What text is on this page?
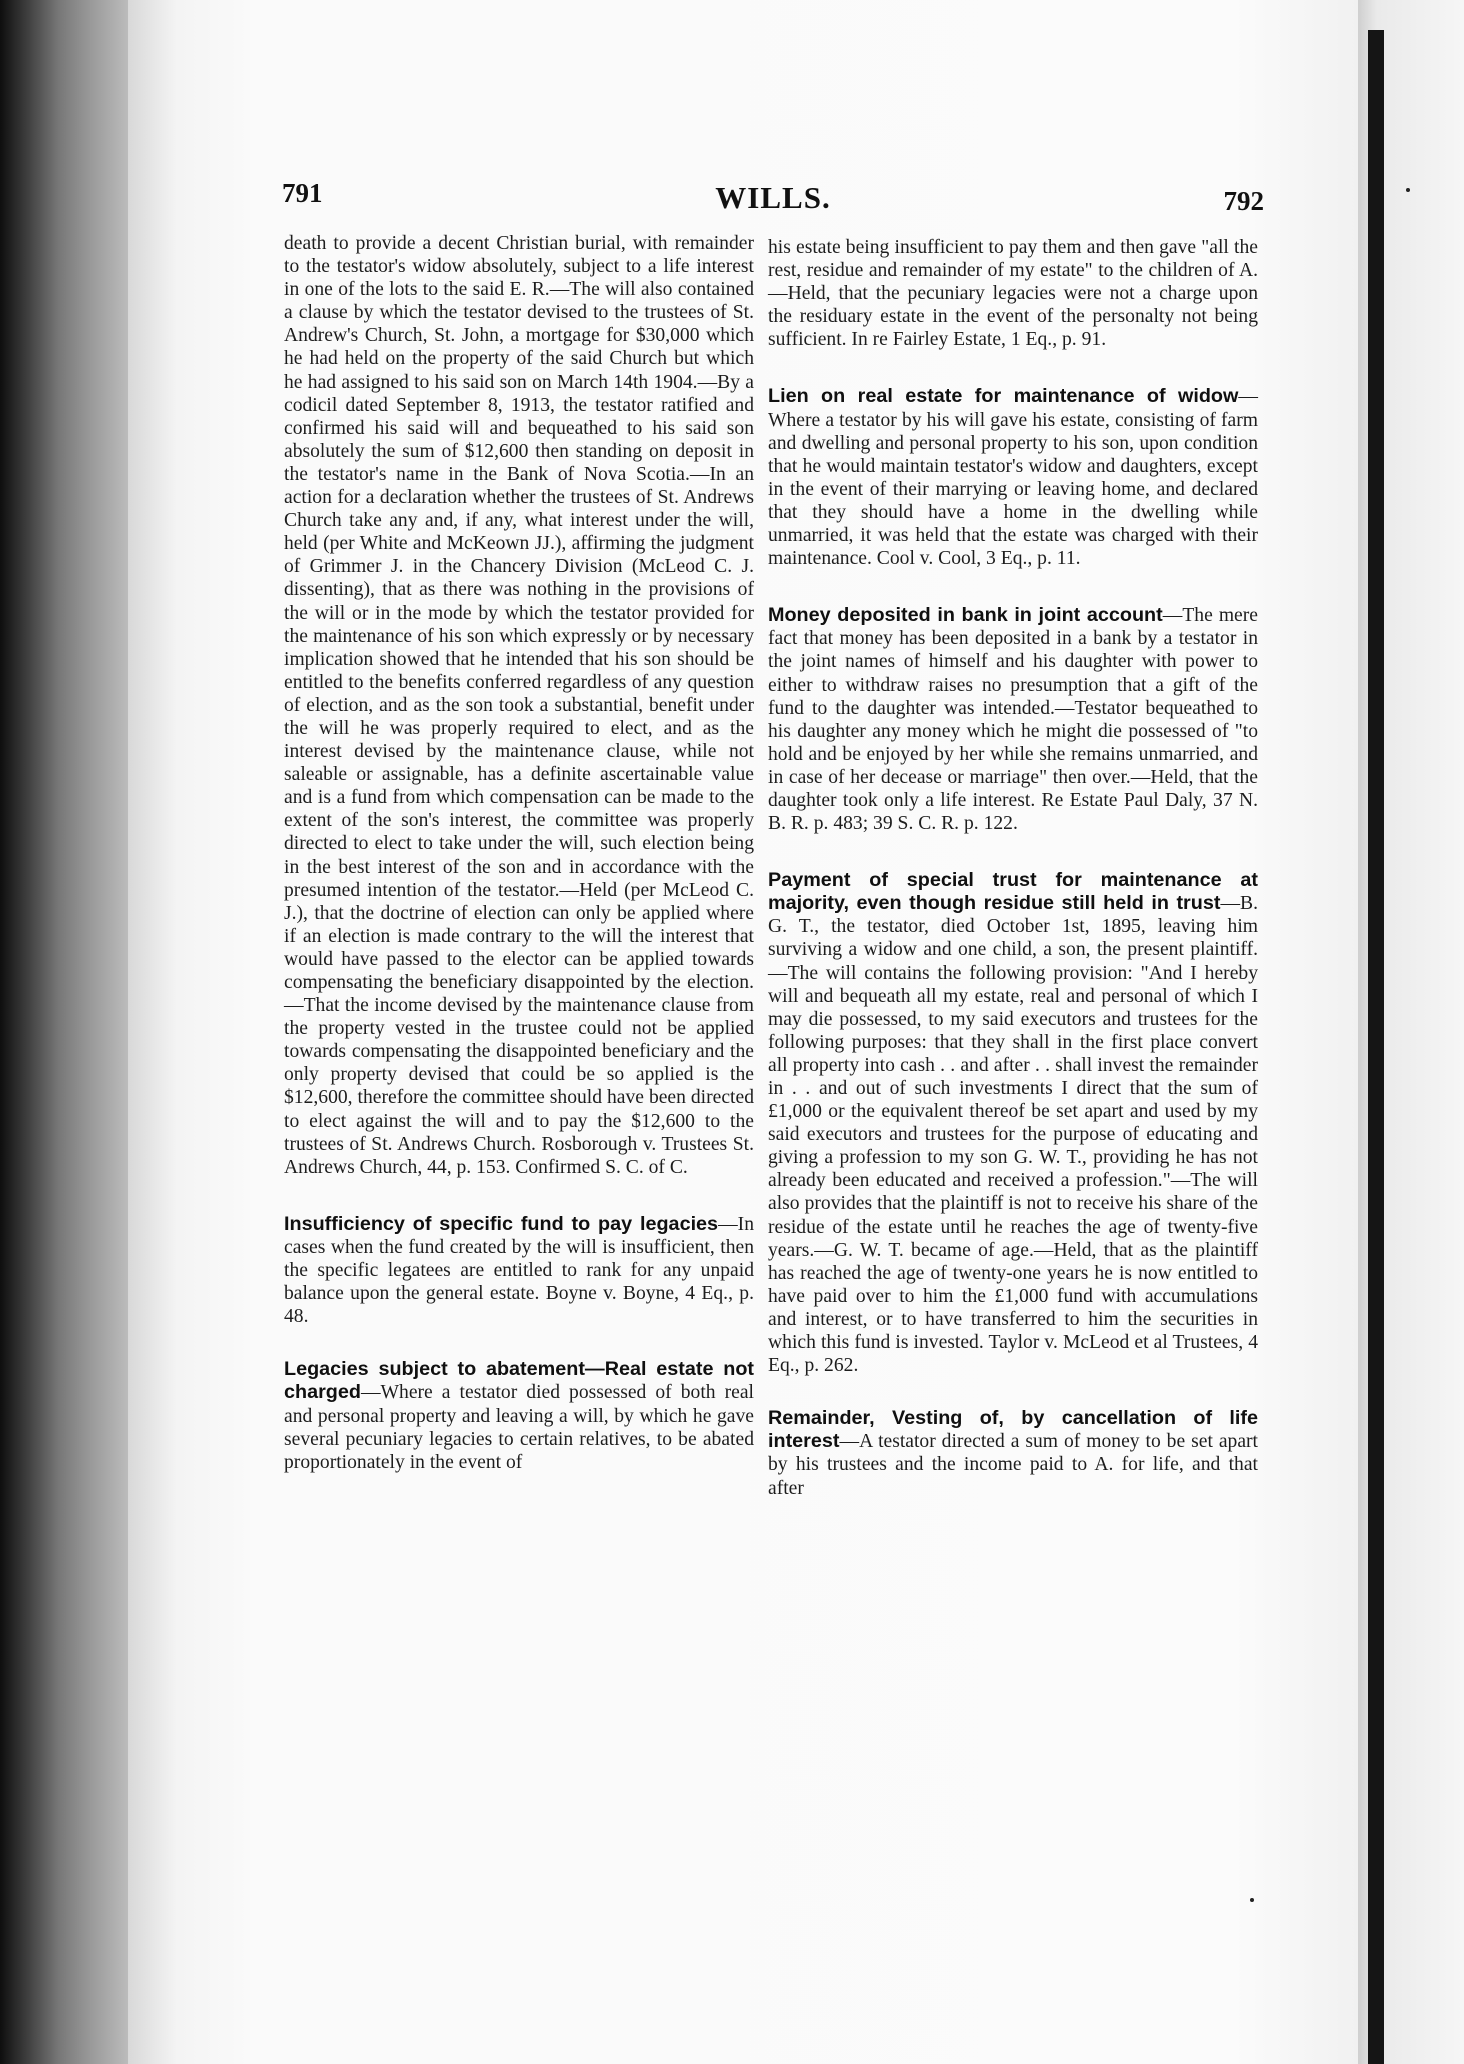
791	WILLS.	792

death to provide a decent Christian burial, with remainder to the testator's widow absolutely, subject to a life interest in one of the lots to the said E. R.—The will also contained a clause by which the testator devised to the trustees of St. Andrew's Church, St. John, a mortgage for $30,000 which he had held on the property of the said Church but which he had assigned to his said son on March 14th 1904.—By a codicil dated September 8, 1913, the testator ratified and confirmed his said will and bequeathed to his said son absolutely the sum of $12,600 then standing on deposit in the testator's name in the Bank of Nova Scotia.—In an action for a declaration whether the trustees of St. Andrews Church take any and, if any, what interest under the will, held (per White and McKeown JJ.), affirming the judgment of Grimmer J. in the Chancery Division (McLeod C. J. dissenting), that as there was nothing in the provisions of the will or in the mode by which the testator provided for the maintenance of his son which expressly or by necessary implication showed that he intended that his son should be entitled to the benefits conferred regardless of any question of election, and as the son took a substantial, benefit under the will he was properly required to elect, and as the interest devised by the maintenance clause, while not saleable or assignable, has a definite ascertainable value and is a fund from which compensation can be made to the extent of the son's interest, the committee was properly directed to elect to take under the will, such election being in the best interest of the son and in accordance with the presumed intention of the testator.—Held (per McLeod C. J.), that the doctrine of election can only be applied where if an election is made contrary to the will the interest that would have passed to the elector can be applied towards compensating the beneficiary disappointed by the election.—That the income devised by the maintenance clause from the property vested in the trustee could not be applied towards compensating the disappointed beneficiary and the only property devised that could be so applied is the $12,600, therefore the committee should have been directed to elect against the will and to pay the $12,600 to the trustees of St. Andrews Church. Rosborough v. Trustees St. Andrews Church, 44, p. 153. Confirmed S. C. of C.

Insufficiency of specific fund to pay legacies—In cases when the fund created by the will is insufficient, then the specific legatees are entitled to rank for any unpaid balance upon the general estate. Boyne v. Boyne, 4 Eq., p. 48.

Legacies subject to abatement—Real estate not charged—Where a testator died possessed of both real and personal property and leaving a will, by which he gave several pecuniary legacies to certain relatives, to be abated proportionately in the event of

his estate being insufficient to pay them and then gave "all the rest, residue and remainder of my estate" to the children of A.—Held, that the pecuniary legacies were not a charge upon the residuary estate in the event of the personalty not being sufficient. In re Fairley Estate, 1 Eq., p. 91.

Lien on real estate for maintenance of widow—Where a testator by his will gave his estate, consisting of farm and dwelling and personal property to his son, upon condition that he would maintain testator's widow and daughters, except in the event of their marrying or leaving home, and declared that they should have a home in the dwelling while unmarried, it was held that the estate was charged with their maintenance. Cool v. Cool, 3 Eq., p. 11.

Money deposited in bank in joint account—The mere fact that money has been deposited in a bank by a testator in the joint names of himself and his daughter with power to either to withdraw raises no presumption that a gift of the fund to the daughter was intended.—Testator bequeathed to his daughter any money which he might die possessed of "to hold and be enjoyed by her while she remains unmarried, and in case of her decease or marriage" then over.—Held, that the daughter took only a life interest. Re Estate Paul Daly, 37 N. B. R. p. 483; 39 S. C. R. p. 122.

Payment of special trust for maintenance at majority, even though residue still held in trust—B. G. T., the testator, died October 1st, 1895, leaving him surviving a widow and one child, a son, the present plaintiff.—The will contains the following provision: "And I hereby will and bequeath all my estate, real and personal of which I may die possessed, to my said executors and trustees for the following purposes: that they shall in the first place convert all property into cash . . and after . . shall invest the remainder in . . and out of such investments I direct that the sum of £1,000 or the equivalent thereof be set apart and used by my said executors and trustees for the purpose of educating and giving a profession to my son G. W. T., providing he has not already been educated and received a profession."—The will also provides that the plaintiff is not to receive his share of the residue of the estate until he reaches the age of twenty-five years.—G. W. T. became of age.—Held, that as the plaintiff has reached the age of twenty-one years he is now entitled to have paid over to him the £1,000 fund with accumulations and interest, or to have transferred to him the securities in which this fund is invested. Taylor v. McLeod et al Trustees, 4 Eq., p. 262.

Remainder, Vesting of, by cancellation of life interest—A testator directed a sum of money to be set apart by his trustees and the income paid to A. for life, and that after
